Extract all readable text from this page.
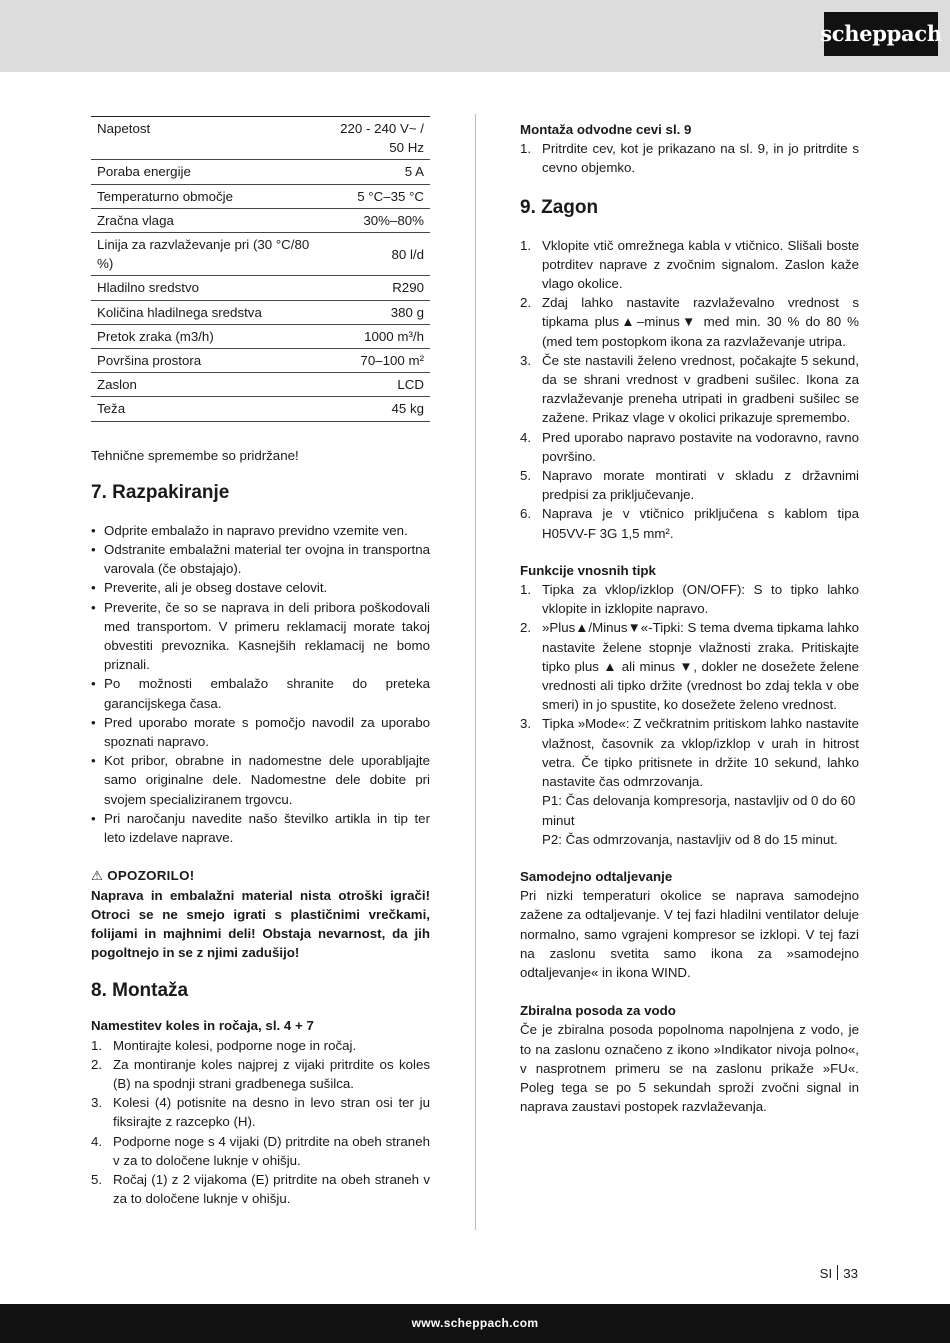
scheppach
Napetost	220 - 240 V~ / 50 Hz
Poraba energije	5 A
Temperaturno območje	5 °C–35 °C
Zračna vlaga	30%–80%
Linija za razvlaževanje pri (30 °C/80 %)	80 l/d
Hladilno sredstvo	R290
Količina hladilnega sredstva	380 g
Pretok zraka (m3/h)	1000 m³/h
Površina prostora	70–100 m²
Zaslon	LCD
Teža	45 kg

Tehnične spremembe so pridržane!

7. Razpakiranje
• Odprite embalažo in napravo previdno vzemite ven.
• Odstranite embalažni material ter ovojna in transportna varovala (če obstajajo).
• Preverite, ali je obseg dostave celovit.
• Preverite, če so se naprava in deli pribora poškodovali med transportom. V primeru reklamacij morate takoj obvestiti prevoznika. Kasnejših reklamacij ne bomo priznali.
• Po možnosti embalažo shranite do preteka garancijskega časa.
• Pred uporabo morate s pomočjo navodil za uporabo spoznati napravo.
• Kot pribor, obrabne in nadomestne dele uporabljajte samo originalne dele. Nadomestne dele dobite pri svojem specializiranem trgovcu.
• Pri naročanju navedite našo številko artikla in tip ter leto izdelave naprave.

⚠ OPOZORILO!

Naprava in embalažni material nista otroški igrači! Otroci se ne smejo igrati s plastičnimi vrečkami, folijami in majhnimi deli! Obstaja nevarnost, da jih pogoltnejo in se z njimi zadušijo!

8. Montaža

Namestitev koles in ročaja, sl. 4 + 7

1. Montirajte kolesi, podporne noge in ročaj.
2. Za montiranje koles najprej z vijaki pritrdite os koles (B) na spodnji strani gradbenega sušilca.
3. Kolesi (4) potisnite na desno in levo stran osi ter ju fiksirajte z razcepko (H).
4. Podporne noge s 4 vijaki (D) pritrdite na obeh straneh v za to določene luknje v ohišju.
5. Ročaj (1) z 2 vijakoma (E) pritrdite na obeh straneh v za to določene luknje v ohišju.

Montaža odvodne cevi sl. 9

1. Pritrdite cev, kot je prikazano na sl. 9, in jo pritrdite s cevno objemko.
9. Zagon
1. Vklopite vtič omrežnega kabla v vtičnico. Slišali boste potrditev naprave z zvočnim signalom. Zaslon kaže vlago okolice.
2. Zdaj lahko nastavite razvlaževalno vrednost s tipkama plus▲–minus▼ med min. 30 % do 80 % (med tem postopkom ikona za razvlaževanje utripa.
3. Če ste nastavili želeno vrednost, počakajte 5 sekund, da se shrani vrednost v gradbeni sušilec. Ikona za razvlaževanje preneha utripati in gradbeni sušilec se zažene. Prikaz vlage v okolici prikazuje spremembo.
4. Pred uporabo napravo postavite na vodoravno, ravno površino.
5. Napravo morate montirati v skladu z državnimi predpisi za priključevanje.
6. Naprava je v vtičnico priključena s kablom tipa H05VV-F 3G 1,5 mm².

Funkcije vnosnih tipk

1. Tipka za vklop/izklop (ON/OFF): S to tipko lahko vklopite in izklopite napravo.
2. »Plus▲/Minus▼«-Tipki: S tema dvema tipkama lahko nastavite želene stopnje vlažnosti zraka. Pritiskajte tipko plus ▲ ali minus ▼, dokler ne dosežete želene vrednosti ali tipko držite (vrednost bo zdaj tekla v obe smeri) in jo spustite, ko dosežete želeno vrednost.
3. Tipka »Mode«: Z večkratnim pritiskom lahko nastavite vlažnost, časovnik za vklop/izklop v urah in hitrost vetra. Če tipko pritisnete in držite 10 sekund, lahko nastavite čas odmrzovanja.
P1: Čas delovanja kompresorja, nastavljiv od 0 do 60 minut
P2: Čas odmrzovanja, nastavljiv od 8 do 15 minut.

Samodejno odtaljevanje

Pri nizki temperaturi okolice se naprava samodejno zažene za odtaljevanje. V tej fazi hladilni ventilator deluje normalno, samo vgrajeni kompresor se izklopi. V tej fazi na zaslonu svetita samo ikona za »samodejno odtaljevanje« in ikona WIND.

Zbiralna posoda za vodo

Če je zbiralna posoda popolnoma napolnjena z vodo, je to na zaslonu označeno z ikono »Indikator nivoja polno«, v nasprotnem primeru se na zaslonu prikaže »FU«. Poleg tega se po 5 sekundah sproži zvočni signal in naprava zaustavi postopek razvlaževanja.

SI 33
www.scheppach.com
